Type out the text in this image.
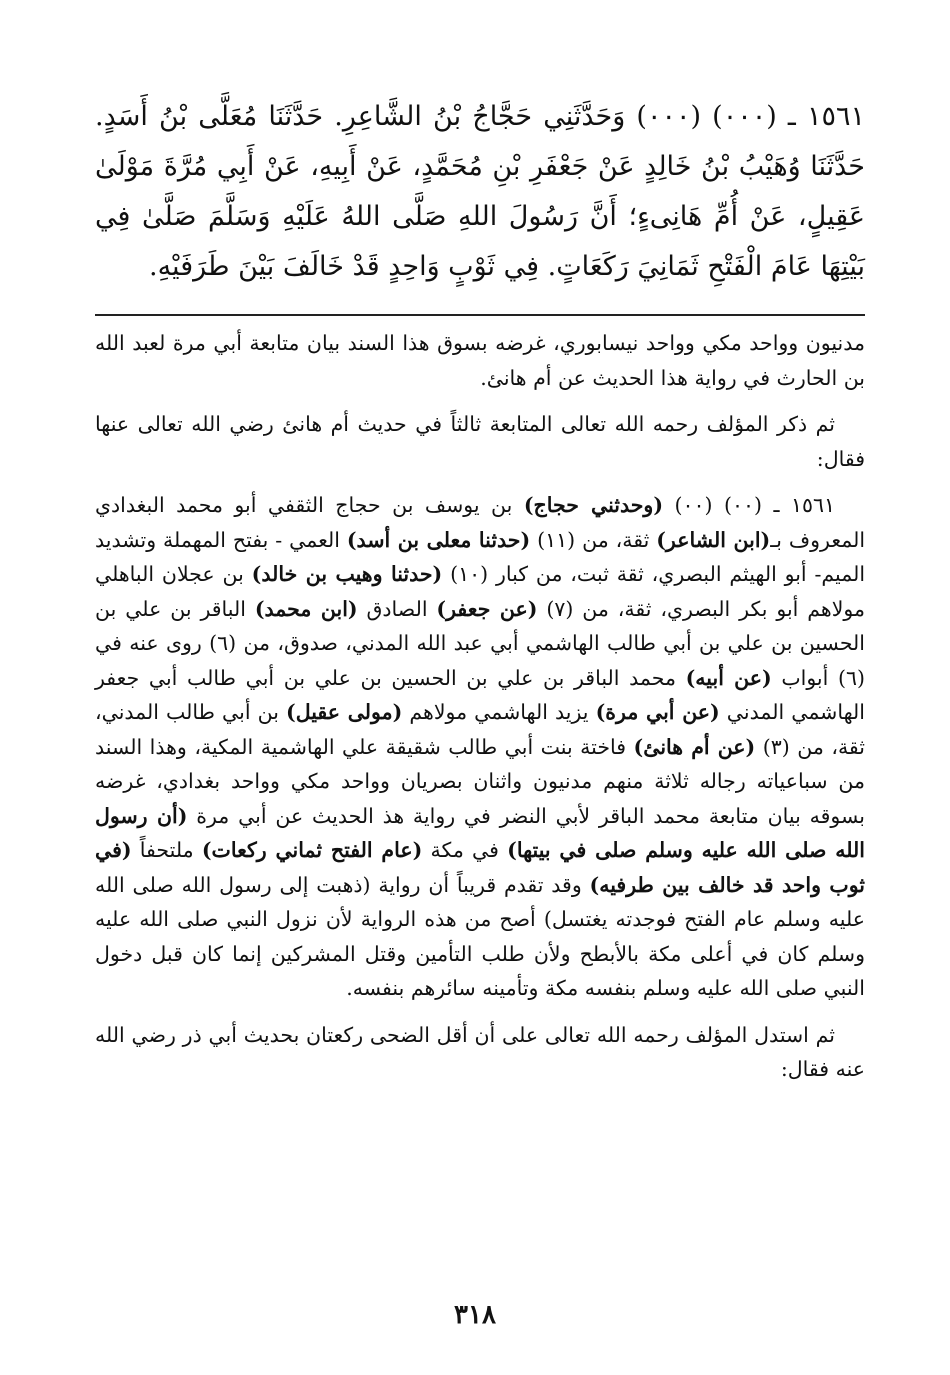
١٥٦١ ـ (٠٠٠) (٠٠٠) وَحَدَّثَنِي حَجَّاجُ بْنُ الشَّاعِرِ. حَدَّثَنَا مُعَلَّى بْنُ أَسَدٍ. حَدَّثَنَا وُهَيْبُ بْنُ خَالِدٍ عَنْ جَعْفَرِ بْنِ مُحَمَّدٍ، عَنْ أَبِيهِ، عَنْ أَبِي مُرَّةَ مَوْلَىٰ عَقِيلٍ، عَنْ أُمِّ هَانِىءٍ؛ أَنَّ رَسُولَ اللهِ صَلَّى اللهُ عَلَيْهِ وَسَلَّمَ صَلَّىٰ فِي بَيْتِهَا عَامَ الْفَتْحِ ثَمَانِيَ رَكَعَاتٍ. فِي ثَوْبٍ وَاحِدٍ قَدْ خَالَفَ بَيْنَ طَرَفَيْهِ.

مدنيون وواحد مكي وواحد نيسابوري، غرضه بسوق هذا السند بيان متابعة أبي مرة لعبد الله بن الحارث في رواية هذا الحديث عن أم هانئ.

ثم ذكر المؤلف رحمه الله تعالى المتابعة ثالثاً في حديث أم هانئ رضي الله تعالى عنها فقال:

١٥٦١ ـ (٠٠) (٠٠) (وحدثني حجاج) بن يوسف بن حجاج الثقفي أبو محمد البغدادي المعروف بـ(ابن الشاعر) ثقة، من (١١) (حدثنا معلى بن أسد) العمي - بفتح المهملة وتشديد الميم- أبو الهيثم البصري، ثقة ثبت، من كبار (١٠) (حدثنا وهيب بن خالد) بن عجلان الباهلي مولاهم أبو بكر البصري، ثقة، من (٧) (عن جعفر) الصادق (ابن محمد) الباقر بن علي بن الحسين بن علي بن أبي طالب الهاشمي أبي عبد الله المدني، صدوق، من (٦) روى عنه في (٦) أبواب (عن أبيه) محمد الباقر بن علي بن الحسين بن علي بن أبي طالب أبي جعفر الهاشمي المدني (عن أبي مرة) يزيد الهاشمي مولاهم (مولى عقيل) بن أبي طالب المدني، ثقة، من (٣) (عن أم هانئ) فاختة بنت أبي طالب شقيقة علي الهاشمية المكية، وهذا السند من سباعياته رجاله ثلاثة منهم مدنيون واثنان بصريان وواحد مكي وواحد بغدادي، غرضه بسوقه بيان متابعة محمد الباقر لأبي النضر في رواية هذ الحديث عن أبي مرة (أن رسول الله صلى الله عليه وسلم صلى في بيتها) في مكة (عام الفتح ثماني ركعات) ملتحفاً (في ثوب واحد قد خالف بين طرفيه) وقد تقدم قريباً أن رواية (ذهبت إلى رسول الله صلى الله عليه وسلم عام الفتح فوجدته يغتسل) أصح من هذه الرواية لأن نزول النبي صلى الله عليه وسلم كان في أعلى مكة بالأبطح ولأن طلب التأمين وقتل المشركين إنما كان قبل دخول النبي صلى الله عليه وسلم بنفسه مكة وتأمينه سائرهم بنفسه.

ثم استدل المؤلف رحمه الله تعالى على أن أقل الضحى ركعتان بحديث أبي ذر رضي الله عنه فقال:

٣١٨
